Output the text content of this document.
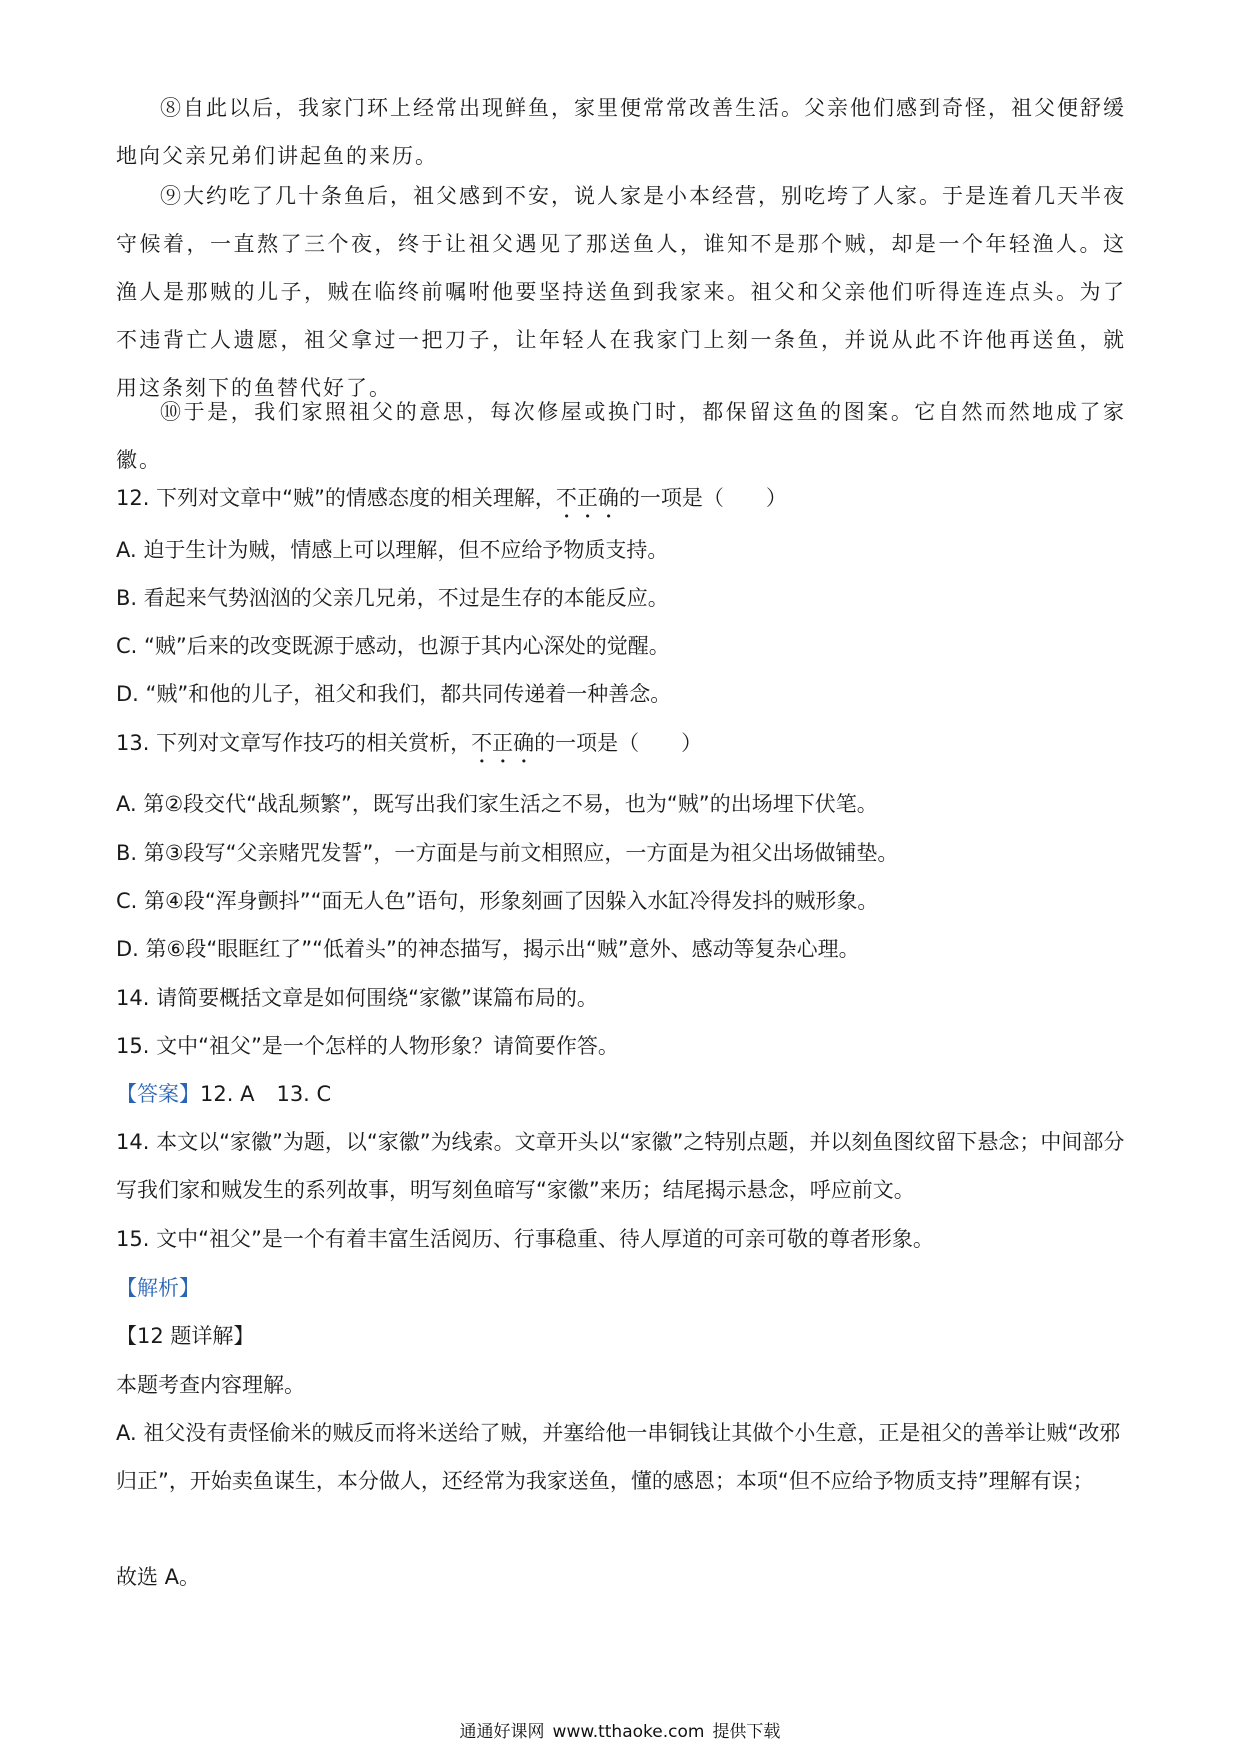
⑧自此以后，我家门环上经常出现鲜鱼，家里便常常改善生活。父亲他们感到奇怪，祖父便舒缓地向父亲兄弟们讲起鱼的来历。

⑨大约吃了几十条鱼后，祖父感到不安，说人家是小本经营，别吃垮了人家。于是连着几天半夜守候着，一直熬了三个夜，终于让祖父遇见了那送鱼人，谁知不是那个贼，却是一个年轻渔人。这渔人是那贼的儿子，贼在临终前嘱咐他要坚持送鱼到我家来。祖父和父亲他们听得连连点头。为了不违背亡人遗愿，祖父拿过一把刀子，让年轻人在我家门上刻一条鱼，并说从此不许他再送鱼，就用这条刻下的鱼替代好了。

⑩于是，我们家照祖父的意思，每次修屋或换门时，都保留这鱼的图案。它自然而然地成了家徽。

12. 下列对文章中“贼”的情感态度的相关理解，不正确的一项是（　　）
A. 迫于生计为贼，情感上可以理解，但不应给予物质支持。
B. 看起来气势汹汹的父亲几兄弟，不过是生存的本能反应。
C. “贼”后来的改变既源于感动，也源于其内心深处的觉醒。
D. “贼”和他的儿子，祖父和我们，都共同传递着一种善念。
13. 下列对文章写作技巧的相关赏析，不正确的一项是（　　）
A. 第②段交代“战乱频繁”，既写出我们家生活之不易，也为“贼”的出场埋下伏笔。
B. 第③段写“父亲赌咒发誓”，一方面是与前文相照应，一方面是为祖父出场做铺垫。
C. 第④段“浑身颤抖”“面无人色”语句，形象刻画了因躲入水缸冷得发抖的贼形象。
D. 第⑥段“眼眶红了”“低着头”的神态描写，揭示出“贼”意外、感动等复杂心理。
14. 请简要概括文章是如何围绕“家徽”谋篇布局的。
15. 文中“祖父”是一个怎样的人物形象？请简要作答。
【答案】12. A 13. C

14. 本文以“家徽”为题，以“家徽”为线索。文章开头以“家徽”之特别点题，并以刻鱼图纹留下悬念；中间部分写我们家和贼发生的系列故事，明写刻鱼暗写“家徽”来历；结尾揭示悬念，呼应前文。

15. 文中“祖父”是一个有着丰富生活阅历、行事稳重、待人厚道的可亲可敬的尊者形象。
【解析】
【12 题详解】
本题考查内容理解。

A. 祖父没有责怪偷米的贼反而将米送给了贼，并塞给他一串铜钱让其做个小生意，正是祖父的善举让贼“改邪归正”，开始卖鱼谋生，本分做人，还经常为我家送鱼，懂的感恩；本项“但不应给予物质支持”理解有误；

故选 A。
通通好课网 www.tthaoke.com 提供下载
